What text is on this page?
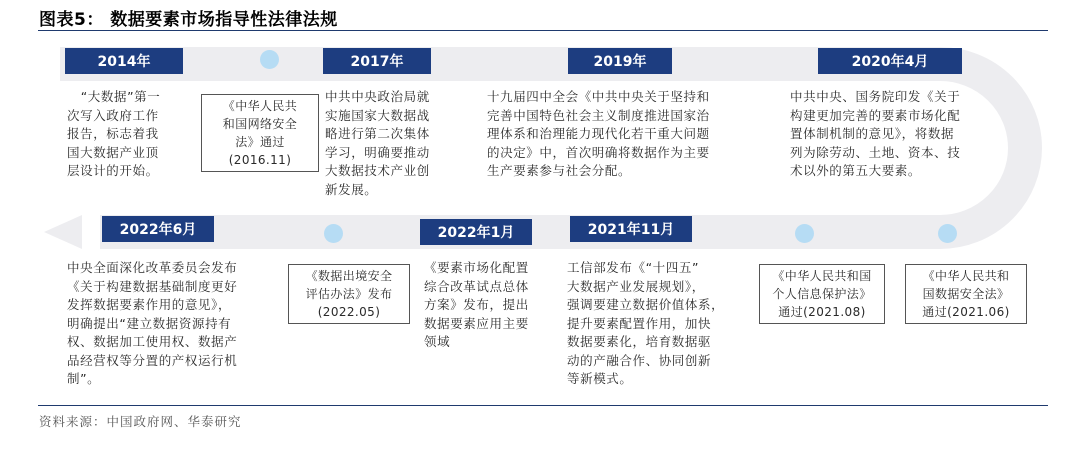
图表5： 数据要素市场指导性法律法规
2014年	2017年	2019年	2020年4月
“大数据”第一
次写入政府工作
报告，标志着我
国大数据产业顶
层设计的开始。
《中华人民共
和国网络安全
法》通过
(2016.11)
中共中央政治局就
实施国家大数据战
略进行第二次集体
学习，明确要推动
大数据技术产业创
新发展。
十九届四中全会《中共中央关于坚持和
完善中国特色社会主义制度推进国家治
理体系和治理能力现代化若干重大问题
的决定》中，首次明确将数据作为主要
生产要素参与社会分配。
中共中央、国务院印发《关于
构建更加完善的要素市场化配
置体制机制的意见》，将数据
列为除劳动、土地、资本、技
术以外的第五大要素。
2022年6月	2022年1月	2021年11月
中央全面深化改革委员会发布
《关于构建数据基础制度更好
发挥数据要素作用的意见》，
明确提出“建立数据资源持有
权、数据加工使用权、数据产
品经营权等分置的产权运行机
制”。
《数据出境安全
评估办法》发布
(2022.05)
《要素市场化配置
综合改革试点总体
方案》发布，提出
数据要素应用主要
领域
工信部发布《“十四五”
大数据产业发展规划》，
强调要建立数据价值体系，
提升要素配置作用，加快
数据要素化，培育数据驱
动的产融合作、协同创新
等新模式。
《中华人民共和国
个人信息保护法》
通过(2021.08)
《中华人民共和
国数据安全法》
通过(2021.06)
资料来源：中国政府网、华泰研究
